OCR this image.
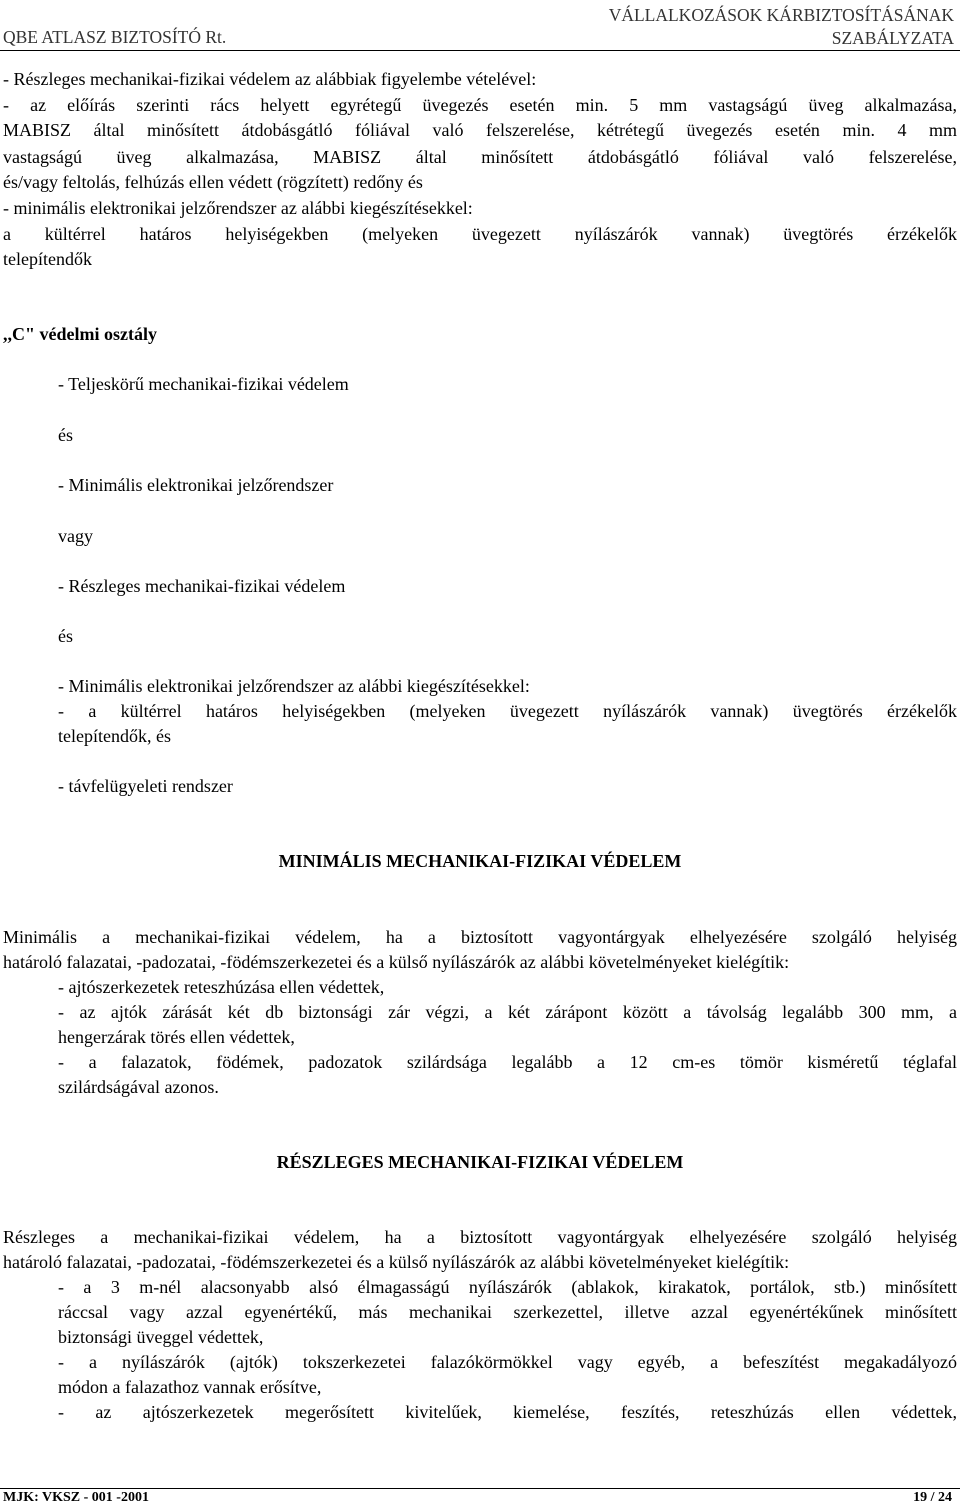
QBE ATLASZ BIZTOSÍTÓ Rt.
VÁLLALKOZÁSOK KÁRBIZTOSÍTÁSÁNAK
SZABÁLYZATA
- Részleges mechanikai-fizikai védelem az alábbiak figyelembe vételével:
- az előírás szerinti rács helyett egyrétegű üvegezés esetén min. 5 mm vastagságú üveg alkalmazása,
MABISZ által minősített átdobásgátló fóliával való felszerelése, kétrétegű üvegezés esetén min. 4 mm
vastagságú üveg alkalmazása, MABISZ által minősített átdobásgátló fóliával való felszerelése,
és/vagy feltolás, felhúzás ellen védett (rögzített) redőny és
- minimális elektronikai jelzőrendszer az alábbi kiegészítésekkel:
a kültérrel határos helyiségekben (melyeken üvegezett nyílászárók vannak) üvegtörés érzékelők
telepítendők
,,C" védelmi osztály
- Teljeskörű mechanikai-fizikai védelem
és
- Minimális elektronikai jelzőrendszer
vagy
- Részleges mechanikai-fizikai védelem
és
- Minimális elektronikai jelzőrendszer az alábbi kiegészítésekkel:
- a kültérrel határos helyiségekben (melyeken üvegezett nyílászárók vannak) üvegtörés érzékelők
telepítendők, és
- távfelügyeleti rendszer
MINIMÁLIS MECHANIKAI-FIZIKAI VÉDELEM
Minimális a mechanikai-fizikai védelem, ha a biztosított vagyontárgyak elhelyezésére szolgáló helyiség
határoló falazatai, -padozatai, -födémszerkezetei és a külső nyílászárók az alábbi követelményeket kielégítik:
- ajtószerkezetek reteszhúzása ellen védettek,
- az ajtók zárását két db biztonsági zár végzi, a két zárápont között a távolság legalább 300 mm, a
hengerzárak törés ellen védettek,
- a falazatok, födémek, padozatok szilárdsága legalább a 12 cm-es tömör kisméretű téglafal
szilárdságával azonos.
RÉSZLEGES MECHANIKAI-FIZIKAI VÉDELEM
Részleges a mechanikai-fizikai védelem, ha a biztosított vagyontárgyak elhelyezésére szolgáló helyiség
határoló falazatai, -padozatai, -födémszerkezetei és a külső nyílászárók az alábbi követelményeket kielégítik:
- a 3 m-nél alacsonyabb alsó élmagasságú nyílászárók (ablakok, kirakatok, portálok, stb.) minősített
ráccsal vagy azzal egyenértékű, más mechanikai szerkezettel, illetve azzal egyenértékűnek minősített
biztonsági üveggel védettek,
- a nyílászárók (ajtók) tokszerkezetei falazókörmökkel vagy egyéb, a befeszítést megakadályozó
módon a falazathoz vannak erősítve,
- az ajtószerkezetek megerősített kivitelűek, kiemelése, feszítés, reteszhúzás ellen védettek,
MJK: VKSZ - 001 -2001	19 / 24
